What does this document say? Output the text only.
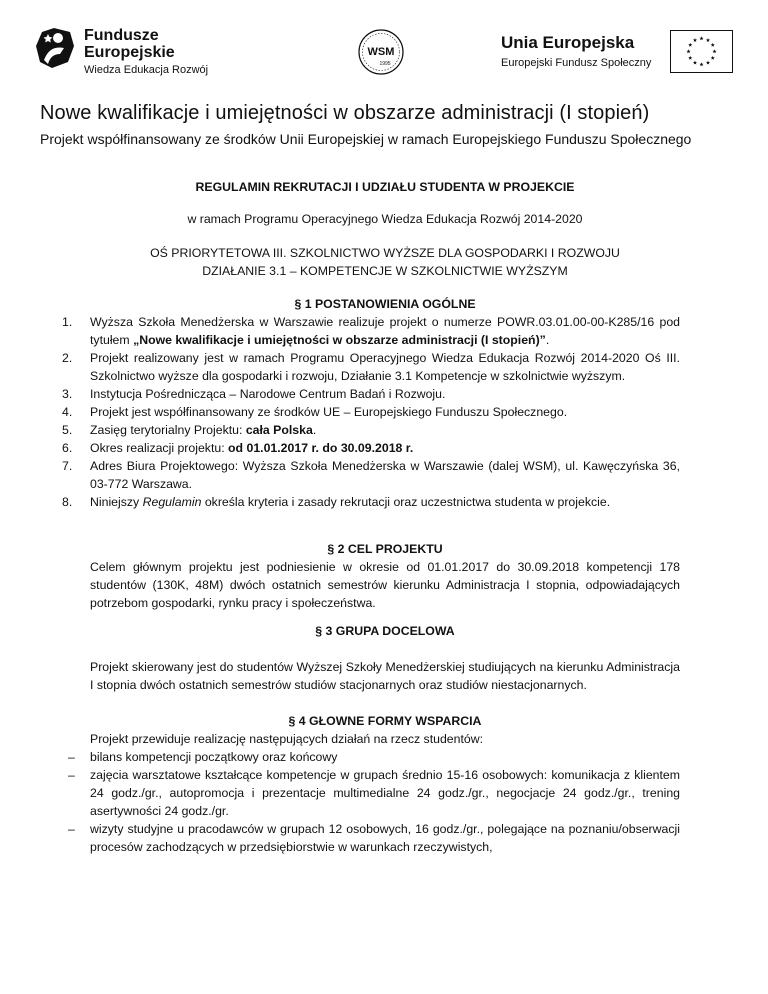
Fundusze
Europejskie
Wiedza Edukacja Rozwój
WSM
1995
Unia Europejska
Europejski Fundusz Społeczny
Nowe kwalifikacje i umiejętności w obszarze administracji (I stopień)
Projekt współfinansowany ze środków Unii Europejskiej w ramach Europejskiego Funduszu Społecznego

REGULAMIN REKRUTACJI I UDZIAŁU STUDENTA W PROJEKCIE

w ramach Programu Operacyjnego Wiedza Edukacja Rozwój 2014-2020

OŚ PRIORYTETOWA III. SZKOLNICTWO WYŻSZE DLA GOSPODARKI I ROZWOJU

DZIAŁANIE 3.1 – KOMPETENCJE W SZKOLNICTWIE WYŻSZYM

§ 1 POSTANOWIENIA OGÓLNE

1.	Wyższa Szkoła Menedżerska w Warszawie realizuje projekt o numerze POWR.03.01.00-00-K285/16 pod tytułem „Nowe kwalifikacje i umiejętności w obszarze administracji (I stopień)”.
2.	Projekt realizowany jest w ramach Programu Operacyjnego Wiedza Edukacja Rozwój 2014-2020 Oś III. Szkolnictwo wyższe dla gospodarki i rozwoju, Działanie 3.1 Kompetencje w szkolnictwie wyższym.
3.	Instytucja Pośrednicząca – Narodowe Centrum Badań i Rozwoju.
4.	Projekt jest współfinansowany ze środków UE – Europejskiego Funduszu Społecznego.
5.	Zasięg terytorialny Projektu: cała Polska.
6.	Okres realizacji projektu: od 01.01.2017 r. do 30.09.2018 r.
7.	Adres Biura Projektowego: Wyższa Szkoła Menedżerska w Warszawie (dalej WSM), ul. Kawęczyńska 36, 03-772 Warszawa.
8.	Niniejszy Regulamin określa kryteria i zasady rekrutacji oraz uczestnictwa studenta w projekcie.

§ 2 CEL PROJEKTU

Celem głównym projektu jest podniesienie w okresie od 01.01.2017 do 30.09.2018 kompetencji 178 studentów (130K, 48M) dwóch ostatnich semestrów kierunku Administracja I stopnia, odpowiadających potrzebom gospodarki, rynku pracy i społeczeństwa.

§ 3 GRUPA DOCELOWA

Projekt skierowany jest do studentów Wyższej Szkoły Menedżerskiej studiujących na kierunku Administracja I stopnia dwóch ostatnich semestrów studiów stacjonarnych oraz studiów niestacjonarnych.

§ 4 GŁOWNE FORMY WSPARCIA

Projekt przewiduje realizację następujących działań na rzecz studentów:

–	bilans kompetencji początkowy oraz końcowy
–	zajęcia warsztatowe kształcące kompetencje w grupach średnio 15-16 osobowych: komunikacja z klientem 24 godz./gr., autopromocja i prezentacje multimedialne 24 godz./gr., negocjacje 24 godz./gr., trening asertywności 24 godz./gr.
–	wizyty studyjne u pracodawców w grupach 12 osobowych, 16 godz./gr., polegające na poznaniu/obserwacji procesów zachodzących w przedsiębiorstwie w warunkach rzeczywistych,
